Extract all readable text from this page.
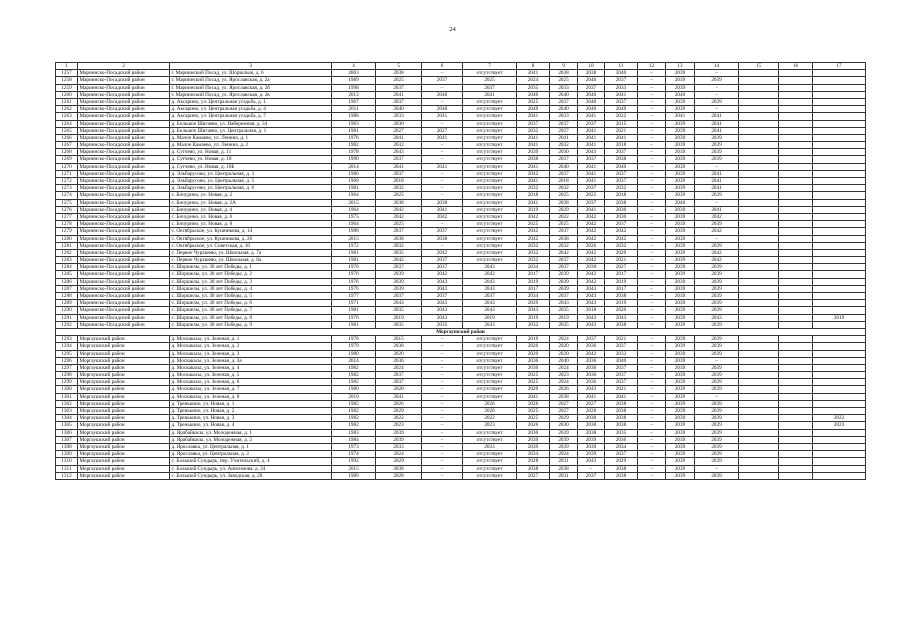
24
1	2	3	4	5	6	7	8	9	10	11	12	13	14	15	16	17
1257	Мариинско-Посадский район	г. Мариинский Посад, ул. Шоршлыж, д. 6	2003	2038	–	отсутствует	2041	2038	2038	2040	–	2039	–			
1258	Мариинско-Посадский район	г. Мариинский Посад, ул. Ярославская, д. 2а	1989	2025	2037	2025	2024	2025	2040	2037	–	2039	2039			
1259	Мариинско-Посадский район	г. Мариинский Посад, ул. Ярославская, д. 2б	1998	2037	–	2037	2035	2033	2037	2033	–	2039	–			
1260	Мариинско-Посадский район	г. Мариинский Посад, ул. Ярославская, д. 2в	2013	2041	2040	2041	2040	2040	2040	2041	–	2040	–			
1261	Мариинско-Посадский район	д. Аксарино, ул. Центральная усадьба, д. 1	1967	2037	–	отсутствует	2025	2037	2040	2037	–	2039	2039			
1262	Мариинско-Посадский район	д. Аксарино, ул. Центральная усадьба, д. 4	2011	2040	2040	отсутствует	2040	2040	2040	2040	–	2039	–			
1263	Мариинско-Посадский район	д. Аксарино, ул. Центральная усадьба, д. 7	1988	2033	2041	отсутствует	2041	2033	2041	2022	–	2041	2041			
1264	Мариинско-Посадский район	д. Большое Шигаево, ул. Набережная, д. 34	1963	2030	–	отсутствует	2037	2037	2037	2015	–	2039	2041			
1265	Мариинско-Посадский район	д. Большое Шигаево, ул. Центральная, д. 1	1981	2027	2027	отсутствует	2032	2027	2041	2021	–	2039	2041			
1266	Мариинско-Посадский район	д. Малое Камаево, ул. Ленина, д. 1	1976	2041	2041	отсутствует	2041	2041	2041	2041	–	2039	2039			
1267	Мариинско-Посадский район	д. Малое Камаево, ул. Ленина, д. 2	1982	2032	–	отсутствует	2041	2032	2041	2018	–	2039	2039			
1268	Мариинско-Посадский район	д. Сутчево, ул. Новая, д. 11	1978	2043	–	отсутствует	2039	2030	2043	2037	–	2039	2039			
1269	Мариинско-Посадский район	д. Сутчево, ул. Новая, д. 18	1990	2037	–	отсутствует	2038	2037	2037	2038	–	2039	2039			
1270	Мариинско-Посадский район	д. Сутчево, ул. Новая, д. 18Б	2014	2041	2041	отсутствует	2041	2040	2041	2040	–	2039	–			
1271	Мариинско-Посадский район	д. Эльбарусово, ул. Центральная, д. 3	1980	2037	–	отсутствует	2042	2037	2041	2037	–	2039	2041			
1272	Мариинско-Посадский район	д. Эльбарусово, ул. Центральная, д. 5	1969	2018	–	отсутствует	2041	2018	2041	2037	–	2039	2041			
1273	Мариинско-Посадский район	д. Эльбарусово, ул. Центральная, д. 6	1981	2032	–	отсутствует	2032	2032	2037	2032	–	2039	2041			
1274	Мариинско-Посадский район	с. Бичурино, ул. Новая, д. 2	1964	2025	–	отсутствует	2018	2025	2025	2018	–	2039	2039			
1275	Мариинско-Посадский район	с. Бичурино, ул. Новая, д. 2А	2015	2038	2038	отсутствует	2041	2038	2037	2038	–	2040	–			
1276	Мариинско-Посадский район	с. Бичурино, ул. Новая, д. 4	1964	2042	2041	отсутствует	2019	2029	2041	2030	–	2039	2041			
1277	Мариинско-Посадский район	с. Бичурино, ул. Новая, д. 6	1975	2042	2042	отсутствует	2042	2022	2042	2030	–	2039	2042			
1278	Мариинско-Посадский район	с. Бичурино, ул. Новая, д. 8	1964	2025	–	отсутствует	2025	2025	2042	2037	–	2039	2039			
1279	Мариинско-Посадский район	с. Октябрьское, ул. Кушникова, д. 14	1988	2037	2037	отсутствует	2042	2037	2042	2042	–	2039	2042			
1280	Мариинско-Посадский район	с. Октябрьское, ул. Кушникова, д. 26	2015	2038	2038	отсутствует	2042	2038	2042	2042	–	2039	–			
1281	Мариинско-Посадский район	с. Октябрьское, ул. Советская, д. 10	1972	2032	–	отсутствует	2032	2032	2026	2032	–	2039	2039			
1282	Мариинско-Посадский район	с. Первое Чурашево, ул. Школьная, д. 7а	1981	2035	2042	отсутствует	2032	2042	2042	2020	–	2039	2042			
1283	Мариинско-Посадский район	с. Первое Чурашево, ул. Школьная, д. 8а	1981	2042	2037	отсутствует	2032	2037	2042	2021	–	2039	2042			
1284	Мариинско-Посадский район	с. Шоршелы, ул. 30 лет Победы, д. 1	1976	2037	2037	2043	2034	2037	2030	2027	–	2039	2039			
1285	Мариинско-Посадский район	с. Шоршелы, ул. 30 лет Победы, д. 2	1976	2039	2042	2042	2017	2039	2042	2017	–	2039	2039			
1286	Мариинско-Посадский район	с. Шоршелы, ул. 30 лет Победы, д. 3	1976	2039	2043	2043	2019	2039	2042	2019	–	2039	2039			
1287	Мариинско-Посадский район	с. Шоршелы, ул. 30 лет Победы, д. 4	1976	2039	2043	2043	2017	2039	2043	2017	–	2039	2039			
1288	Мариинско-Посадский район	с. Шоршелы, ул. 30 лет Победы, д. 5	1977	2037	2037	2037	2034	2037	2043	2038	–	2039	2039			
1289	Мариинско-Посадский район	с. Шоршелы, ул. 30 лет Победы, д. 6	1971	2043	2043	2043	2029	2043	2043	2019	–	2039	2039			
1290	Мариинско-Посадский район	с. Шоршелы, ул. 30 лет Победы, д. 7	1981	2035	2043	2043	2043	2035	2018	2020	–	2039	2039			
1291	Мариинско-Посадский район	с. Шоршелы, ул. 30 лет Победы, д. 8	1976	2019	2043	2019	2019	2019	2043	2043	–	2039	2043			2019
1292	Мариинско-Посадский район	с. Шоршелы, ул. 30 лет Победы, д. 9	1981	2035	2035	2043	2032	2035	2043	2038	–	2039	2039			
Моргаушский район																
1293	Моргаушский район	д. Москакасы, ул. Зеленая, д. 1	1978	2015	–	отсутствует	2019	2024	2037	2021	–	2039	2039			
1294	Моргаушский район	д. Москакасы, ул. Зеленая, д. 2	1979	2038	–	отсутствует	2020	2020	2036	2037	–	2039	2039			
1295	Моргаушский район	д. Москакасы, ул. Зеленая, д. 3	1980	2020	–	отсутствует	2020	2020	2042	2033	–	2039	2039			
1296	Моргаушский район	д. Москакасы, ул. Зеленая, д. 3а	2014	2036	–	отсутствует	2036	2040	2036	2040	–	2039	–			
1297	Моргаушский район	д. Москакасы, ул. Зеленая, д. 4	1982	2024	–	отсутствует	2030	2024	2036	2037	–	2039	2039			
1298	Моргаушский район	д. Москакасы, ул. Зеленая, д. 5	1982	2037	–	отсутствует	2025	2023	2036	2037	–	2039	2039			
1299	Моргаушский район	д. Москакасы, ул. Зеленая, д. 6	1982	2037	–	отсутствует	2025	2024	2036	2037	–	2039	2039			
1300	Моргаушский район	д. Москакасы, ул. Зеленая, д. 7	1980	2020	–	отсутствует	2020	2026	2043	2021	–	2039	2039			
1301	Моргаушский район	д. Москакасы, ул. Зеленая, д. 8	2010	2041	–	отсутствует	2041	2038	2041	2041	–	2039	–			
1302	Моргаушский район	д. Тренькино, ул. Новая, д. 1	1982	2026	–	2026	2026	2027	2027	2038	–	2039	2039			
1303	Моргаушский район	д. Тренькино, ул. Новая, д. 2	1982	2029	–	2026	2025	2027	2020	2038	–	2039	2039			
1304	Моргаушский район	д. Тренькино, ул. Новая, д. 3	1982	2022	–	2022	2025	2029	2030	2038	–	2039	2039			2022
1305	Моргаушский район	д. Тренькино, ул. Новая, д. 4	1982	2023	–	2023	2026	2030	2030	2038	–	2039	2039			2023
1306	Моргаушский район	д. Ярабайкасы, ул. Молодежная, д. 1	1983	2039	–	отсутствует	2030	2039	2038	2035	–	2039	2039			
1307	Моргаушский район	д. Ярабайкасы, ул. Молодежная, д. 2	1984	2039	–	отсутствует	2039	2039	2039	2036	–	2039	2039			
1308	Моргаушский район	д. Ярославка, ул. Центральная, д. 1	1973	2033	–	2033	2039	2039	2039	2034	–	2039	2039			
1309	Моргаушский район	д. Ярославка, ул. Центральная, д. 2	1974	2024	–	отсутствует	2034	2024	2039	2037	–	2039	2039			
1310	Моргаушский район	с. Большой Сундырь, пер. Учительский, д. 4	1992	2029	–	отсутствует	2028	2031	2043	2029	–	2039	2039			
1311	Моргаушский район	с. Большой Сундырь, ул. Анисимова, д. 24	2015	2038	–	отсутствует	2038	2038	–	2038	–	2039	–			
1312	Моргаушский район	с. Большой Сундырь, ул. Заводская, д. 20	1989	2028	–	отсутствует	2027	2031	2037	2038	–	2039	2039			
